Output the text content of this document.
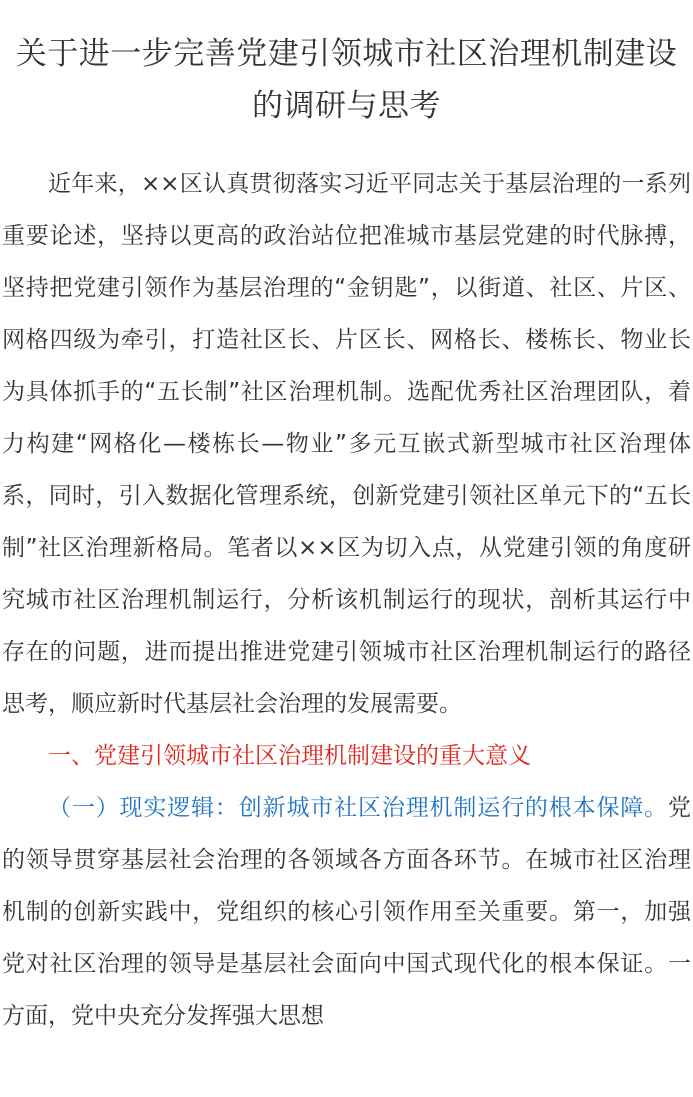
关于进一步完善党建引领城市社区治理机制建设的调研与思考

近年来，××区认真贯彻落实习近平同志关于基层治理的一系列重要论述，坚持以更高的政治站位把准城市基层党建的时代脉搏，坚持把党建引领作为基层治理的“金钥匙”，以街道、社区、片区、网格四级为牵引，打造社区长、片区长、网格长、楼栋长、物业长为具体抓手的“五长制”社区治理机制。选配优秀社区治理团队，着力构建“网格化—楼栋长—物业”多元互嵌式新型城市社区治理体系，同时，引入数据化管理系统，创新党建引领社区单元下的“五长制”社区治理新格局。笔者以××区为切入点，从党建引领的角度研究城市社区治理机制运行，分析该机制运行的现状，剖析其运行中存在的问题，进而提出推进党建引领城市社区治理机制运行的路径思考，顺应新时代基层社会治理的发展需要。

一、党建引领城市社区治理机制建设的重大意义

（一）现实逻辑：创新城市社区治理机制运行的根本保障。党的领导贯穿基层社会治理的各领域各方面各环节。在城市社区治理机制的创新实践中，党组织的核心引领作用至关重要。第一，加强党对社区治理的领导是基层社会面向中国式现代化的根本保证。一方面，党中央充分发挥强大思想
